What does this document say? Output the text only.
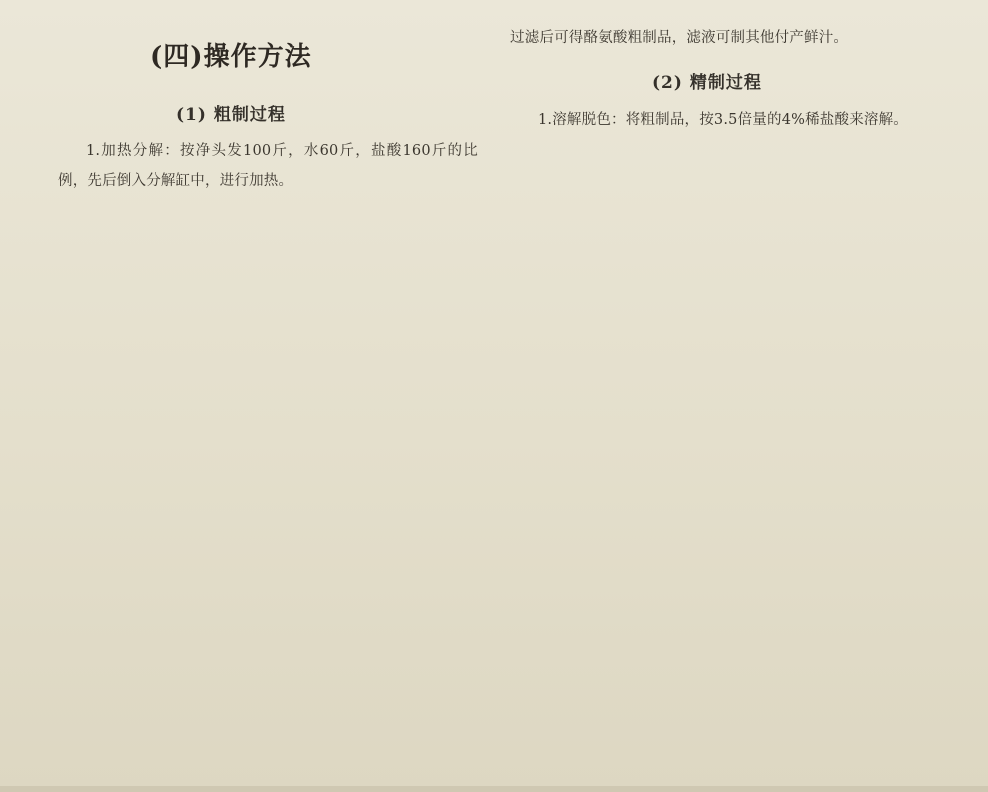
(四)操作方法
(1) 粗制过程

1.加热分解：按净头发100斤，水60斤，盐酸160斤的比例，先后倒入分解缸中，进行加热。

过滤后可得酪氨酸粗制品，滤液可制其他付产鲜汁。

(2) 精制过程

1.溶解脱色：将粗制品，按3.5倍量的4%稀盐酸来溶解。
